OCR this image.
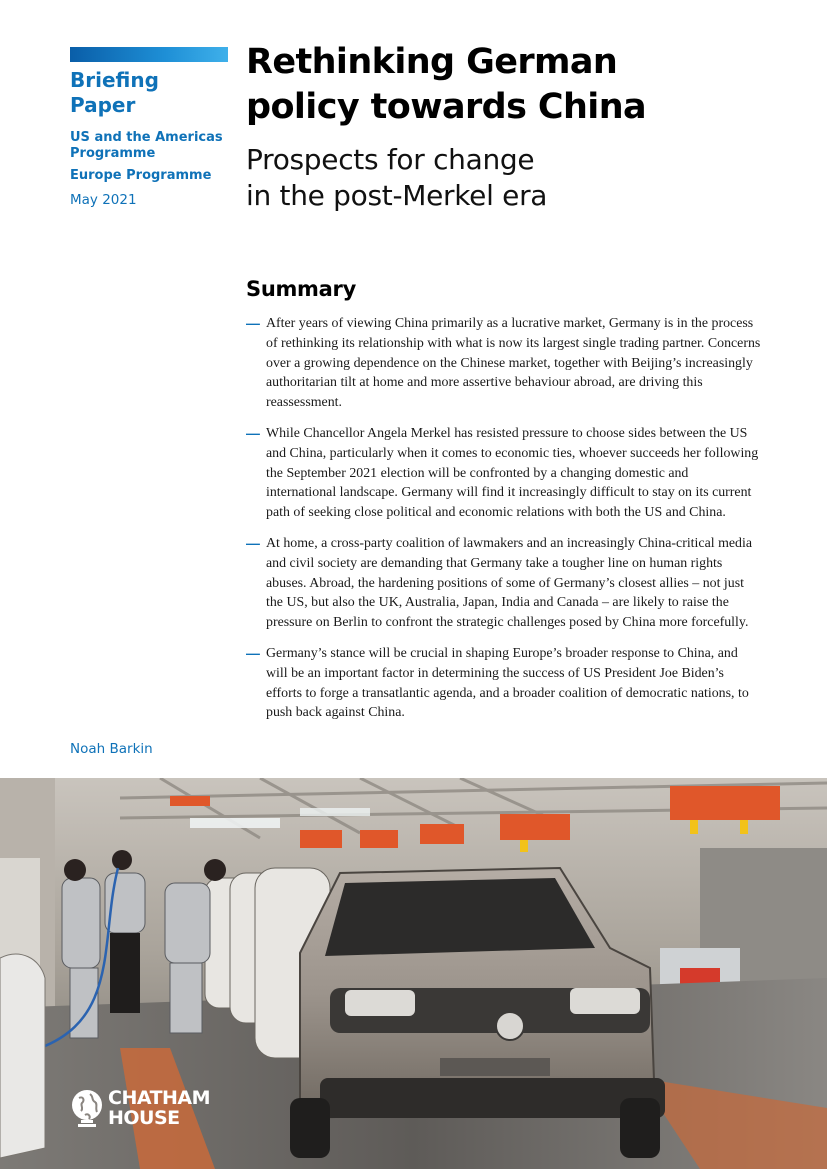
Briefing
Paper

US and the Americas
Programme

Europe Programme

May 2021
Noah Barkin
Rethinking German
policy towards China
Prospects for change
in the post-Merkel era
Summary
— After years of viewing China primarily as a lucrative market, Germany is in the process of rethinking its relationship with what is now its largest single trading partner. Concerns over a growing dependence on the Chinese market, together with Beijing’s increasingly authoritarian tilt at home and more assertive behaviour abroad, are driving this reassessment.
— While Chancellor Angela Merkel has resisted pressure to choose sides between the US and China, particularly when it comes to economic ties, whoever succeeds her following the September 2021 election will be confronted by a changing domestic and international landscape. Germany will find it increasingly difficult to stay on its current path of seeking close political and economic relations with both the US and China.
— At home, a cross-party coalition of lawmakers and an increasingly China-critical media and civil society are demanding that Germany take a tougher line on human rights abuses. Abroad, the hardening positions of some of Germany’s closest allies – not just the US, but also the UK, Australia, Japan, India and Canada – are likely to raise the pressure on Berlin to confront the strategic challenges posed by China more forcefully.
— Germany’s stance will be crucial in shaping Europe’s broader response to China, and will be an important factor in determining the success of US President Joe Biden’s efforts to forge a transatlantic agenda, and a broader coalition of democratic nations, to push back against China.
CHATHAM
HOUSE
